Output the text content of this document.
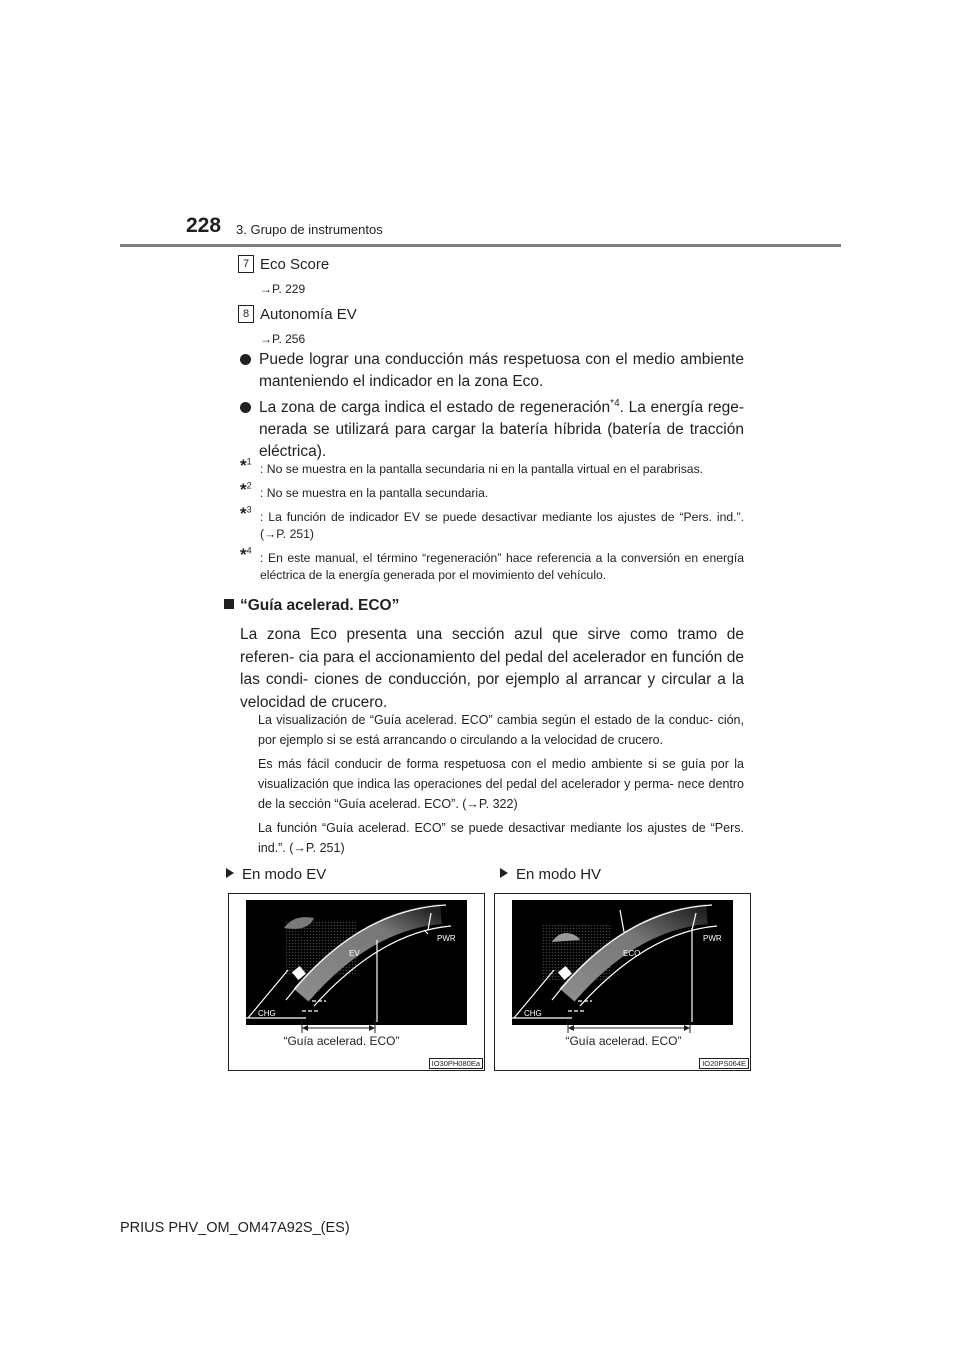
228 3. Grupo de instrumentos
7 Eco Score
→P. 229
8 Autonomía EV
→P. 256
Puede lograr una conducción más respetuosa con el medio ambiente manteniendo el indicador en la zona Eco.
La zona de carga indica el estado de regeneración$^{*4}$. La energía rege- nerada se utilizará para cargar la batería híbrida (batería de tracción eléctrica).
*$^1$
: No se muestra en la pantalla secundaria ni en la pantalla virtual en el parabrisas.
*$^2$
: No se muestra en la pantalla secundaria.
*$^3$
: La función de indicador EV se puede desactivar mediante los ajustes de “Pers. ind.”. (→P. 251)
*$^4$
: En este manual, el término “regeneración” hace referencia a la conversión en energía eléctrica de la energía generada por el movimiento del vehículo.
“Guía acelerad. ECO”
La zona Eco presenta una sección azul que sirve como tramo de referen- cia para el accionamiento del pedal del acelerador en función de las condi- ciones de conducción, por ejemplo al arrancar y circular a la velocidad de crucero.
La visualización de “Guía acelerad. ECO” cambia según el estado de la conduc- ción, por ejemplo si se está arrancando o circulando a la velocidad de crucero.
Es más fácil conducir de forma respetuosa con el medio ambiente si se guía por la visualización que indica las operaciones del pedal del acelerador y perma- nece dentro de la sección “Guía acelerad. ECO”. (→P. 322)
La función “Guía acelerad. ECO” se puede desactivar mediante los ajustes de “Pers. ind.”. (→P. 251)
En modo EV	En modo HV
EV
EV
PWR
CHG
“Guía acelerad. ECO”
IO30PH080Ea
ECO
PWR
CHG
“Guía acelerad. ECO”
IO20PS064E
PRIUS PHV_OM_OM47A92S_(ES)
